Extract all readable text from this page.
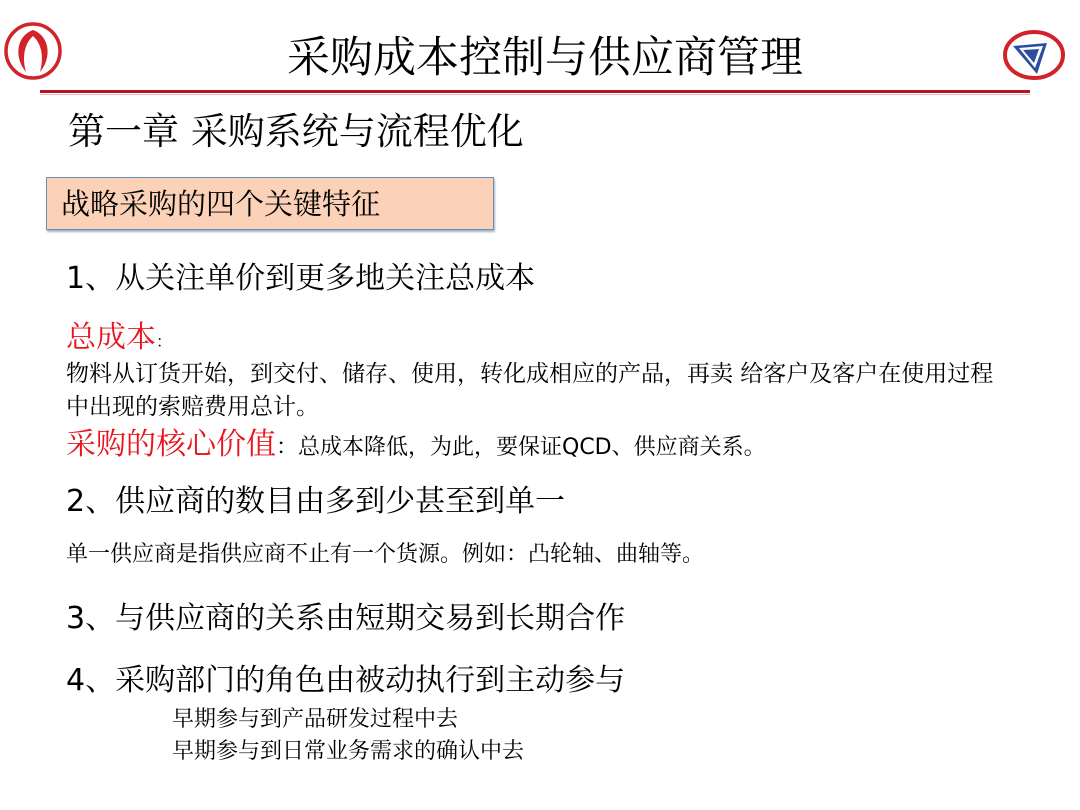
采购成本控制与供应商管理
第一章 采购系统与流程优化
战略采购的四个关键特征
1、从关注单价到更多地关注总成本
总成本：
物料从订货开始，到交付、储存、使用，转化成相应的产品，再卖 给客户及客户在使用过程中出现的索赔费用总计。
采购的核心价值：总成本降低，为此，要保证QCD、供应商关系。
2、供应商的数目由多到少甚至到单一
单一供应商是指供应商不止有一个货源。例如：凸轮轴、曲轴等。
3、与供应商的关系由短期交易到长期合作
4、采购部门的角色由被动执行到主动参与
早期参与到产品研发过程中去
早期参与到日常业务需求的确认中去
